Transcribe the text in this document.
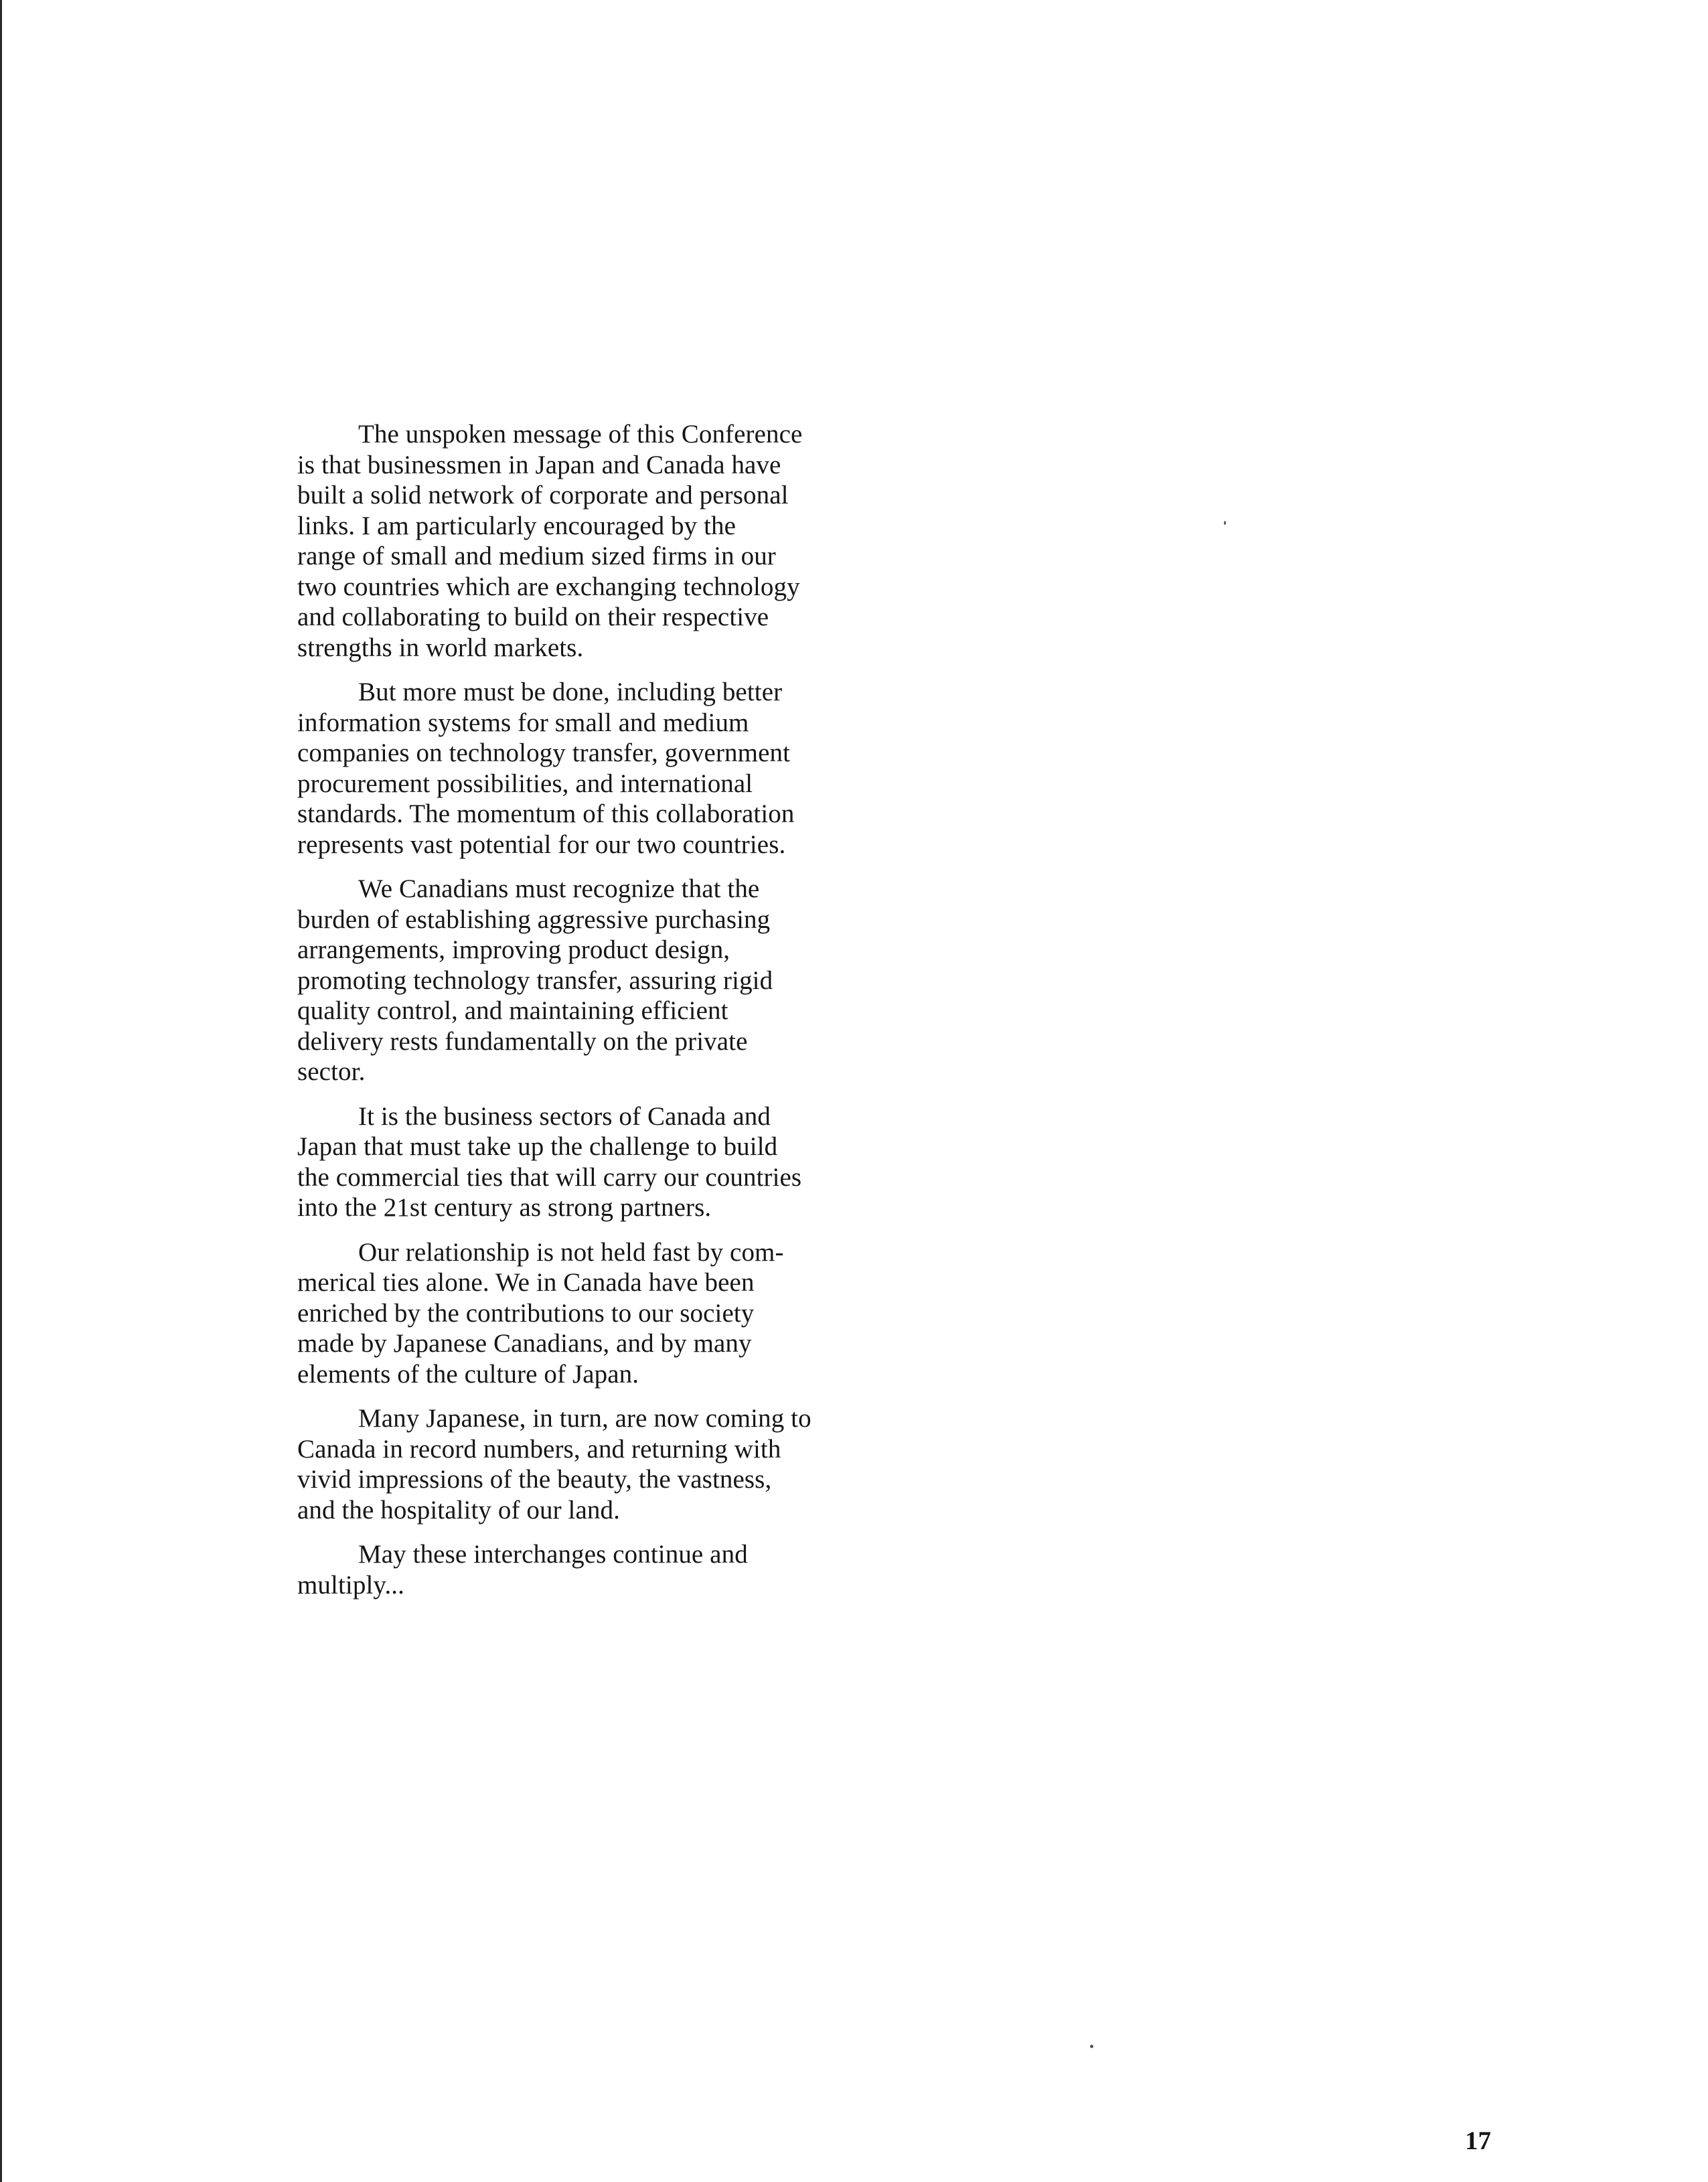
The unspoken message of this Conference
is that businessmen in Japan and Canada have
built a solid network of corporate and personal
links. I am particularly encouraged by the
range of small and medium sized firms in our
two countries which are exchanging technology
and collaborating to build on their respective
strengths in world markets.
But more must be done, including better
information systems for small and medium
companies on technology transfer, government
procurement possibilities, and international
standards. The momentum of this collaboration
represents vast potential for our two countries.
We Canadians must recognize that the
burden of establishing aggressive purchasing
arrangements, improving product design,
promoting technology transfer, assuring rigid
quality control, and maintaining efficient
delivery rests fundamentally on the private
sector.
It is the business sectors of Canada and
Japan that must take up the challenge to build
the commercial ties that will carry our countries
into the 21st century as strong partners.
Our relationship is not held fast by com-
merical ties alone. We in Canada have been
enriched by the contributions to our society
made by Japanese Canadians, and by many
elements of the culture of Japan.
Many Japanese, in turn, are now coming to
Canada in record numbers, and returning with
vivid impressions of the beauty, the vastness,
and the hospitality of our land.
May these interchanges continue and
multiply...
17
